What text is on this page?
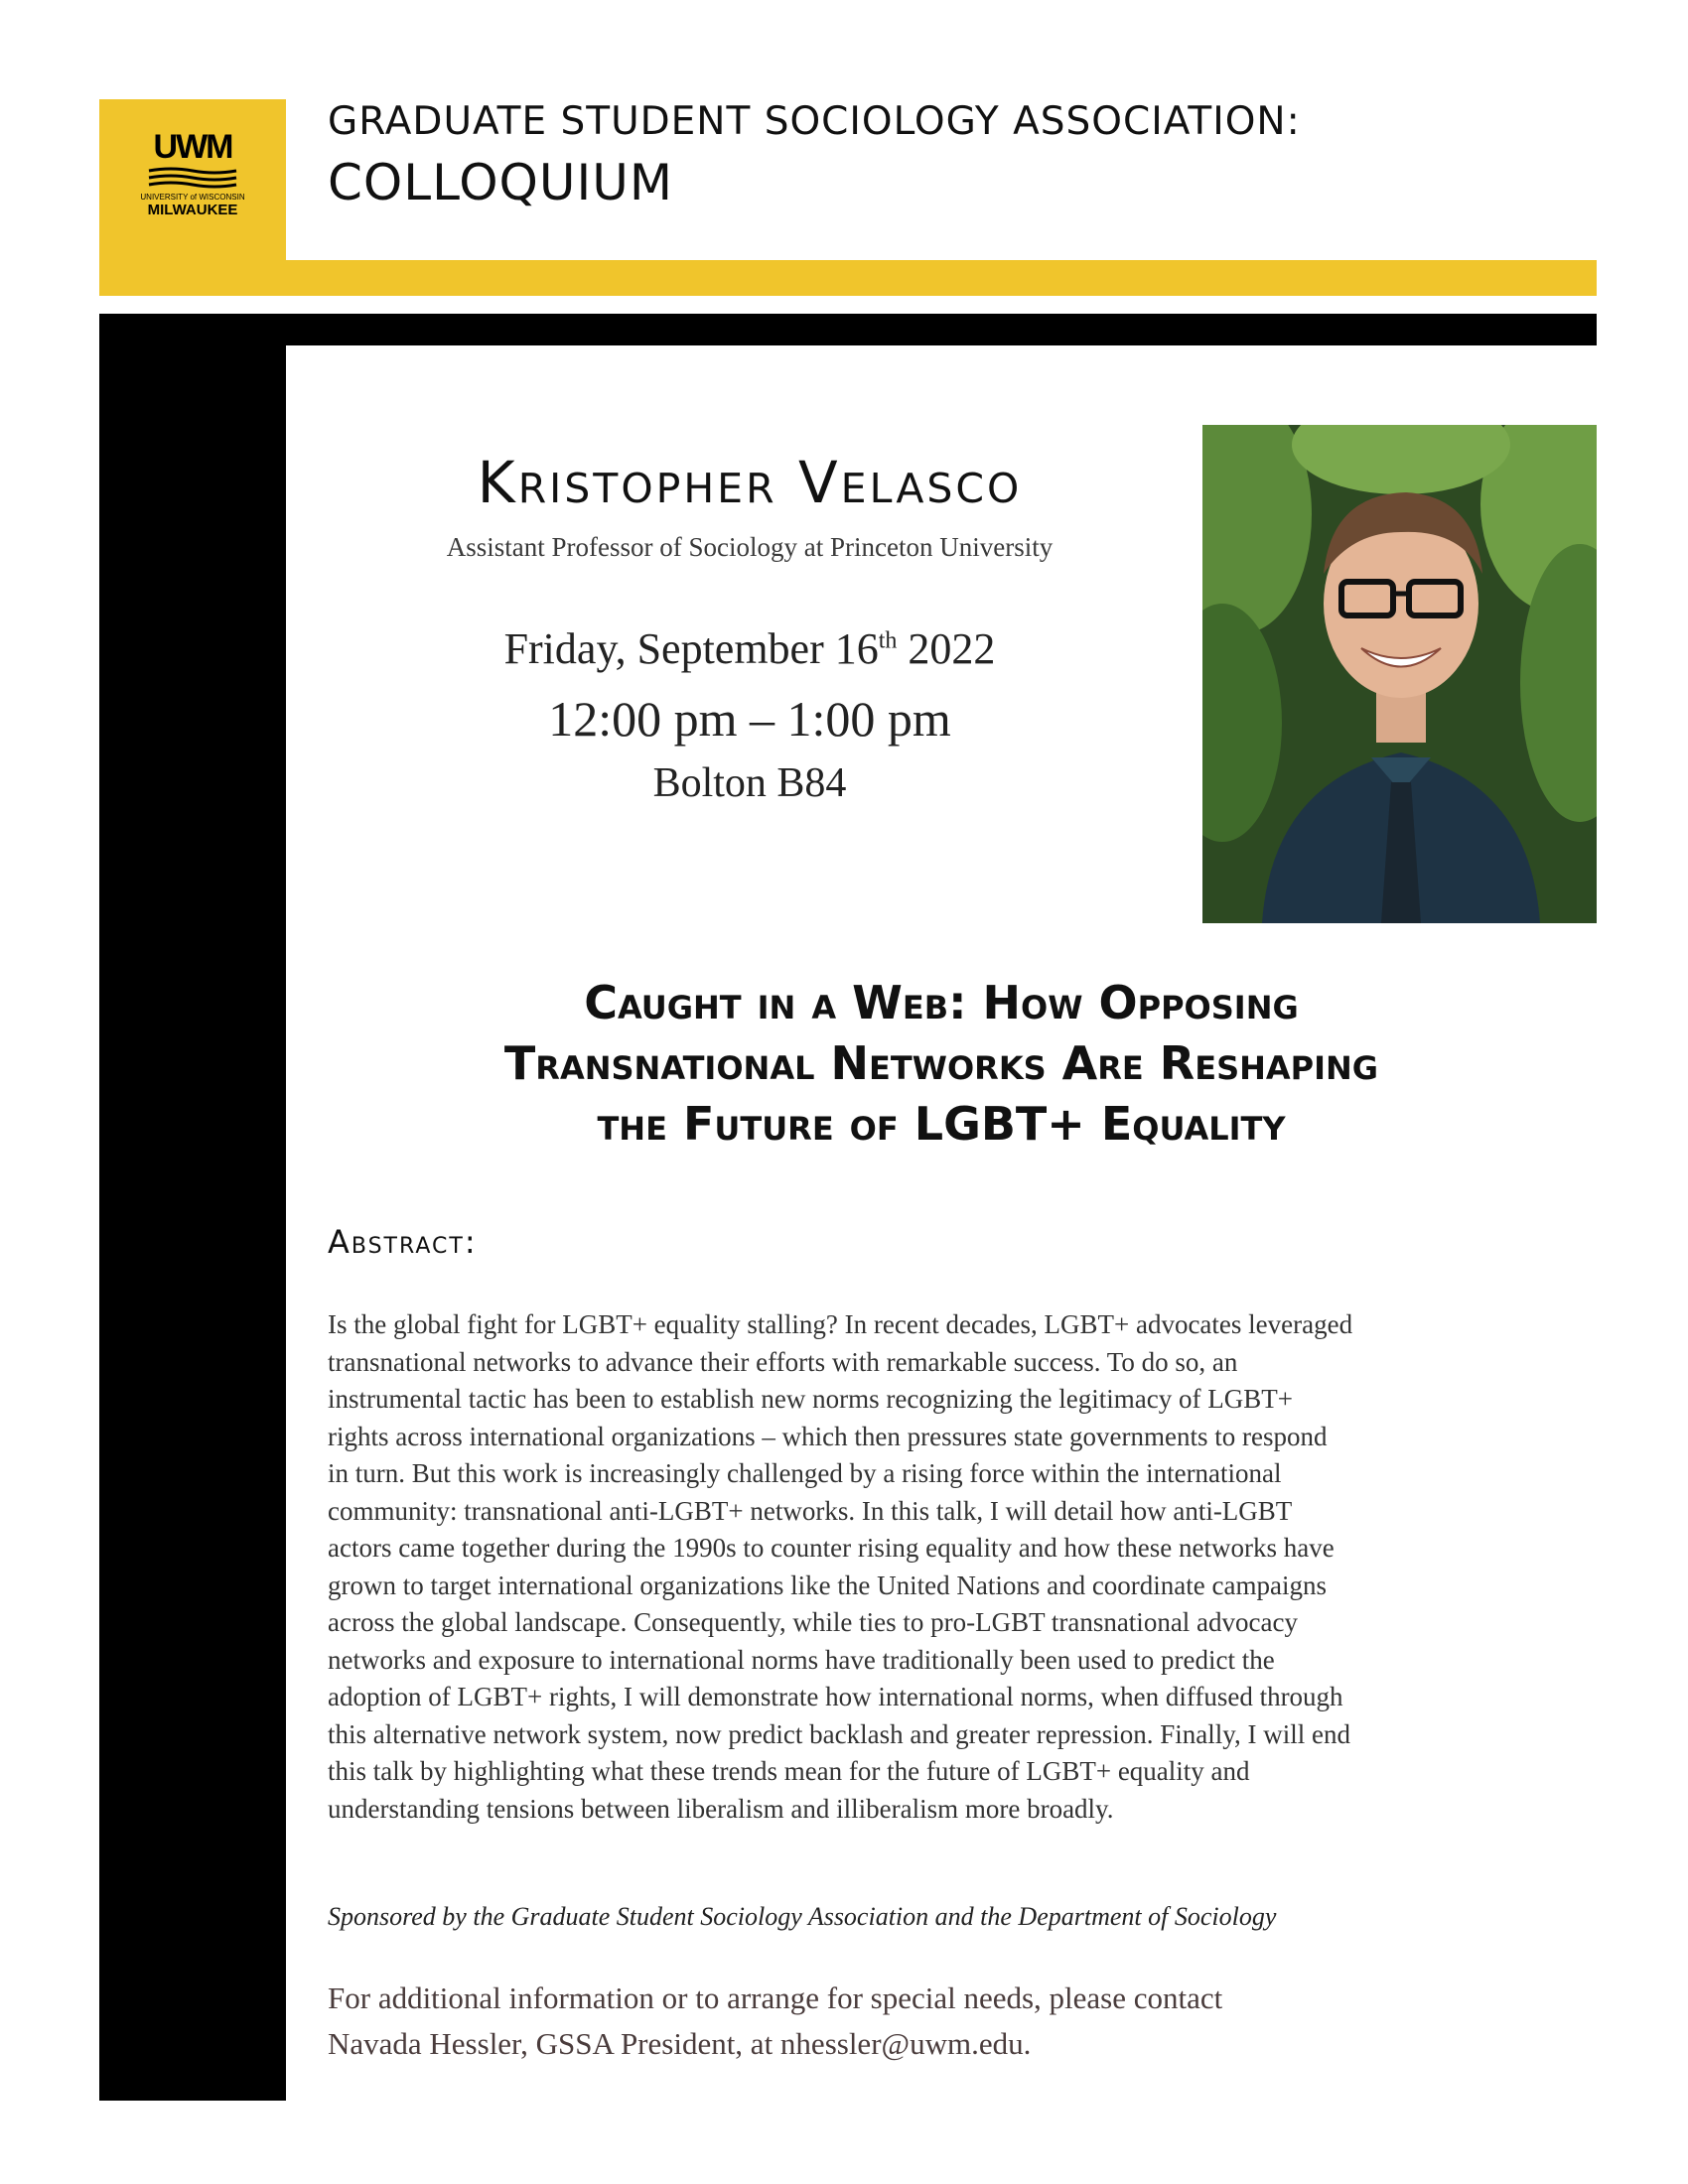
UWM
UNIVERSITY of WISCONSIN
MILWAUKEE
GRADUATE STUDENT SOCIOLOGY ASSOCIATION:
COLLOQUIUM
Kristopher Velasco
Assistant Professor of Sociology at Princeton University
Friday, September 16th 2022
12:00 pm – 1:00 pm
Bolton B84
Caught in a Web: How Opposing
Transnational Networks Are Reshaping
the Future of LGBT+ Equality
Abstract:
Is the global fight for LGBT+ equality stalling? In recent decades, LGBT+ advocates leveraged
transnational networks to advance their efforts with remarkable success. To do so, an
instrumental tactic has been to establish new norms recognizing the legitimacy of LGBT+
rights across international organizations – which then pressures state governments to respond
in turn. But this work is increasingly challenged by a rising force within the international
community: transnational anti-LGBT+ networks. In this talk, I will detail how anti-LGBT
actors came together during the 1990s to counter rising equality and how these networks have
grown to target international organizations like the United Nations and coordinate campaigns
across the global landscape. Consequently, while ties to pro-LGBT transnational advocacy
networks and exposure to international norms have traditionally been used to predict the
adoption of LGBT+ rights, I will demonstrate how international norms, when diffused through
this alternative network system, now predict backlash and greater repression. Finally, I will end
this talk by highlighting what these trends mean for the future of LGBT+ equality and
understanding tensions between liberalism and illiberalism more broadly.
Sponsored by the Graduate Student Sociology Association and the Department of Sociology
For additional information or to arrange for special needs, please contact
Navada Hessler, GSSA President, at nhessler@uwm.edu.
